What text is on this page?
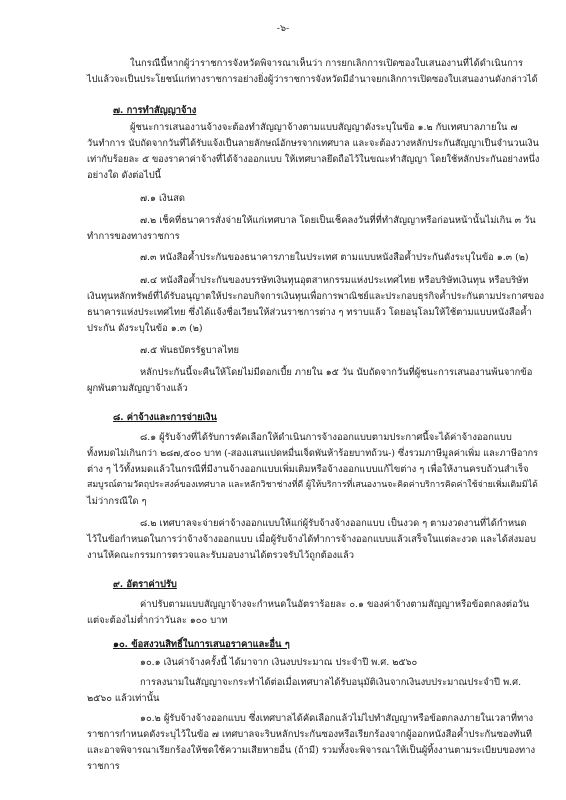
-๖-
ในกรณีนี้หากผู้ว่าราชการจังหวัดพิจารณาเห็นว่า การยกเลิกการเปิดซองใบเสนองานที่ได้ดำเนินการ
ไปแล้วจะเป็นประโยชน์แก่ทางราชการอย่างยิ่งผู้ว่าราชการจังหวัดมีอำนาจยกเลิกการเปิดซองใบเสนองานดังกล่าวได้
๗. การทำสัญญาจ้าง
ผู้ชนะการเสนองานจ้างจะต้องทำสัญญาจ้างตามแบบสัญญาดังระบุในข้อ ๑.๒ กับเทศบาลภายใน ๗
วันทำการ นับถัดจากวันที่ได้รับแจ้งเป็นลายลักษณ์อักษรจากเทศบาล และจะต้องวางหลักประกันสัญญาเป็นจำนวนเงิน
เท่ากับร้อยละ ๕ ของราคาค่าจ้างที่ได้จ้างออกแบบ ให้เทศบาลยึดถือไว้ในขณะทำสัญญา โดยใช้หลักประกันอย่างหนึ่ง
อย่างใด ดังต่อไปนี้
๗.๑ เงินสด
๗.๒ เช็คที่ธนาคารสั่งจ่ายให้แก่เทศบาล โดยเป็นเช็คลงวันที่ที่ทำสัญญาหรือก่อนหน้านั้นไม่เกิน ๓ วัน
ทำการของทางราชการ
๗.๓ หนังสือค้ำประกันของธนาคารภายในประเทศ ตามแบบหนังสือค้ำประกันดังระบุในข้อ ๑.๓ (๒)
๗.๔ หนังสือค้ำประกันของบรรษัทเงินทุนอุตสาหกรรมแห่งประเทศไทย หรือบริษัทเงินทุน หรือบริษัท
เงินทุนหลักทรัพย์ที่ได้รับอนุญาตให้ประกอบกิจการเงินทุนเพื่อการพาณิชย์และประกอบธุรกิจค้ำประกันตามประกาศของ
ธนาคารแห่งประเทศไทย ซึ่งได้แจ้งชื่อเวียนให้ส่วนราชการต่าง ๆ ทราบแล้ว โดยอนุโลมให้ใช้ตามแบบหนังสือค้ำ
ประกัน ดังระบุในข้อ ๑.๓ (๒)
๗.๕ พันธบัตรรัฐบาลไทย
หลักประกันนี้จะคืนให้โดยไม่มีดอกเบี้ย ภายใน ๑๕ วัน นับถัดจากวันที่ผู้ชนะการเสนองานพ้นจากข้อ
ผูกพันตามสัญญาจ้างแล้ว
๘. ค่าจ้างและการจ่ายเงิน
๘.๑ ผู้รับจ้างที่ได้รับการคัดเลือกให้ดำเนินการจ้างออกแบบตามประกาศนี้จะได้ค่าจ้างออกแบบ
ทั้งหมดไม่เกินกว่า ๒๘๗,๕๐๐ บาท (-สองแสนแปดหมื่นเจ็ดพันห้าร้อยบาทถ้วน-) ซึ่งรวมภาษีมูลค่าเพิ่ม และภาษีอากร
ต่าง ๆ ไว้ทั้งหมดแล้วในกรณีที่มีงานจ้างออกแบบเพิ่มเติมหรือจ้างออกแบบแก้ไขต่าง ๆ เพื่อให้งานครบถ้วนสำเร็จ
สมบูรณ์ตามวัตถุประสงค์ของเทศบาล และหลักวิชาช่างที่ดี ผู้ให้บริการที่เสนองานจะคิดค่าบริการคิดค่าใช้จ่ายเพิ่มเติมมิได้
ไม่ว่ากรณีใด ๆ
๘.๒ เทศบาลจะจ่ายค่าจ้างออกแบบให้แก่ผู้รับจ้างจ้างออกแบบ เป็นงวด ๆ ตามงวดงานที่ได้กำหนด
ไว้ในข้อกำหนดในการว่าจ้างจ้างออกแบบ เมื่อผู้รับจ้างได้ทำการจ้างออกแบบแล้วเสร็จในแต่ละงวด และได้ส่งมอบ
งานให้คณะกรรมการตรวจและรับมอบงานได้ตรวจรับไว้ถูกต้องแล้ว
๙. อัตราค่าปรับ
ค่าปรับตามแบบสัญญาจ้างจะกำหนดในอัตราร้อยละ ๐.๑ ของค่าจ้างตามสัญญาหรือข้อตกลงต่อวัน
แต่จะต้องไม่ต่ำกว่าวันละ ๑๐๐ บาท
๑๐. ข้อสงวนสิทธิ์ในการเสนอราคาและอื่น ๆ
๑๐.๑ เงินค่าจ้างครั้งนี้ ได้มาจาก เงินงบประมาณ ประจำปี พ.ศ. ๒๕๖๐
การลงนามในสัญญาจะกระทำได้ต่อเมื่อเทศบาลได้รับอนุมัติเงินจากเงินงบประมาณประจำปี พ.ศ.
๒๕๖๐ แล้วเท่านั้น
๑๐.๒ ผู้รับจ้างจ้างออกแบบ ซึ่งเทศบาลได้คัดเลือกแล้วไม่ไปทำสัญญาหรือข้อตกลงภายในเวลาที่ทาง
ราชการกำหนดดังระบุไว้ในข้อ ๗ เทศบาลจะริบหลักประกันซองหรือเรียกร้องจากผู้ออกหนังสือค้ำประกันซองทันที
และอาจพิจารณาเรียกร้องให้ชดใช้ความเสียหายอื่น (ถ้ามี) รวมทั้งจะพิจารณาให้เป็นผู้ทิ้งงานตามระเบียบของทาง
ราชการ
